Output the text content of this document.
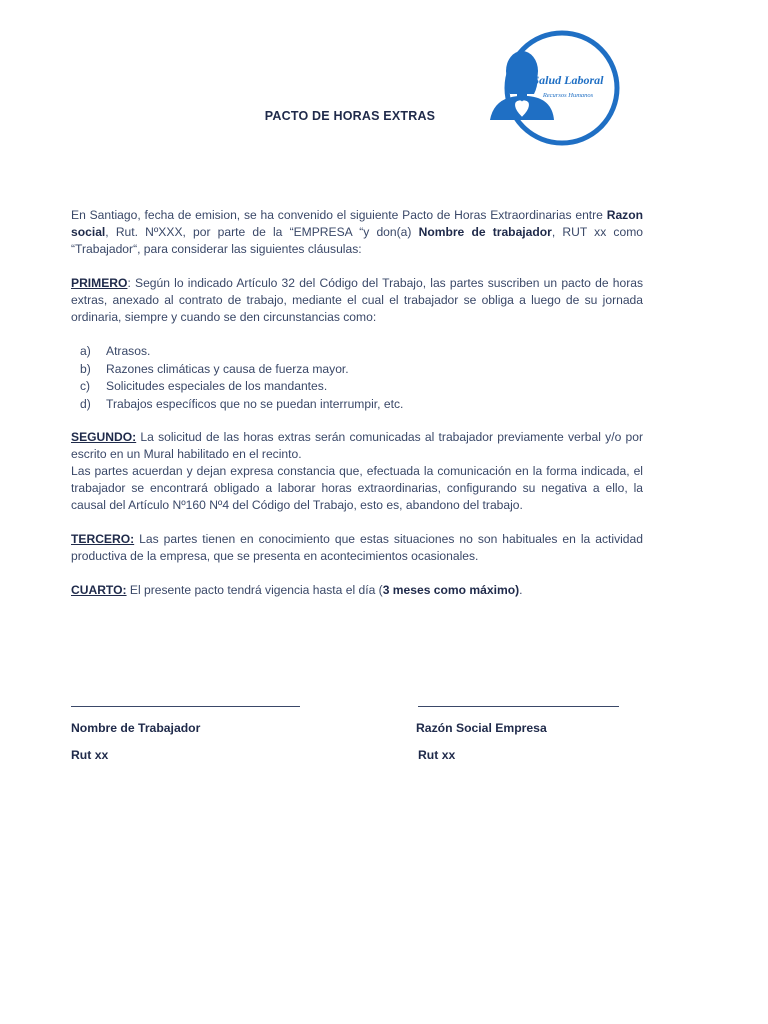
Salud Laboral
Recursos Humanos
PACTO DE HORAS EXTRAS
En Santiago, fecha de emision, se ha convenido el siguiente Pacto de Horas Extraordinarias entre Razon social, Rut. NºXXX, por parte de la “EMPRESA “y don(a) Nombre de trabajador, RUT xx como “Trabajador“, para considerar las siguientes cláusulas:
PRIMERO: Según lo indicado Artículo 32 del Código del Trabajo, las partes suscriben un pacto de horas extras, anexado al contrato de trabajo, mediante el cual el trabajador se obliga a luego de su jornada ordinaria, siempre y cuando se den circunstancias como:
a)	Atrasos.
b)	Razones climáticas y causa de fuerza mayor.
c)	Solicitudes especiales de los mandantes.
d)	Trabajos específicos que no se puedan interrumpir, etc.
SEGUNDO: La solicitud de las horas extras serán comunicadas al trabajador previamente verbal y/o por escrito en un Mural habilitado en el recinto.
Las partes acuerdan y dejan expresa constancia que, efectuada la comunicación en la forma indicada, el trabajador se encontrará obligado a laborar horas extraordinarias, configurando su negativa a ello, la causal del Artículo Nº160 Nº4 del Código del Trabajo, esto es, abandono del trabajo.
TERCERO: Las partes tienen en conocimiento que estas situaciones no son habituales en la actividad productiva de la empresa, que se presenta en acontecimientos ocasionales.
CUARTO: El presente pacto tendrá vigencia hasta el día (3 meses como máximo).
Nombre de Trabajador	Razón Social Empresa
Rut xx	Rut xx
